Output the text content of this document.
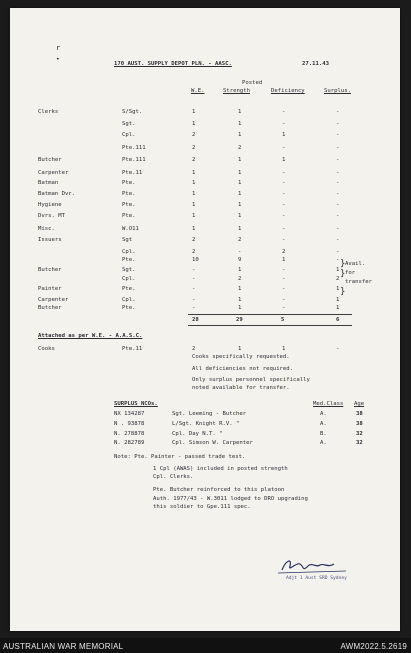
r
•
170 AUST. SUPPLY DEPOT PLN. - AASC.	27.11.43
Posted
W.E.	Strength	Deficiency	Surplus.
Clerks	S/Sgt.	1	1	-	-
Sgt.	1	1	-	-
Cpl.	2	1	1	-
Pte.111	2	2	-	-
Butcher	Pte.111	2	1	1	-
Carpenter	Pte.11	1	1	-	-
Batman	Pte.	1	1	-	-
Batman Dvr.	Pte.	1	1	-	-
Hygiene	Pte.	1	1	-	-
Dvrs. MT	Pte.	1	1	-	-
Misc.	W.O11	1	1	-	-
Issuers	Sgt	2	2	-	-
Cpl.	2	-	2	-
Pte.	10	9	1	-
Butcher	Sgt.	-	1	-	1
Cpl.	-	2	-	2
Painter	Pte.	-	1	-	1
Carpenter	Cpl.	-	1	-	1
Butcher	Pte.	-	1	-	1
Avail.
for
transfer
}
}
}
28	29	5	6
Attached as per W.E. - A.A.S.C.
Cooks	Pte.11	2	1	1	-
Cooks specifically requested.
All deficiencies not required.
Only surplus personnel specifically
noted available for transfer.
SURPLUS NCOs.	Med.Class Age
NX 134287	Sgt. Leeming - Butcher	A.	38
N . 93878	L/Sgt. Knight R.V. "	A.	38
N. 278878	Cpl. Day N.T. "	B.	32
N. 282789	Cpl. Simson W. Carpenter	A.	32
Note: Pte. Painter - passed trade test.
1 Cpl (AWAS) included in posted strength
Cpl. Clerks.
Pte. Butcher reinforced to this platoon
Auth. 1977/43 - W.3011 lodged to DRO upgrading
this soldier to Gpe.111 spec.
Adjt 1 Aust SRD Sydney
AUSTRALIAN WAR MEMORIAL	AWM2022.5.2619
